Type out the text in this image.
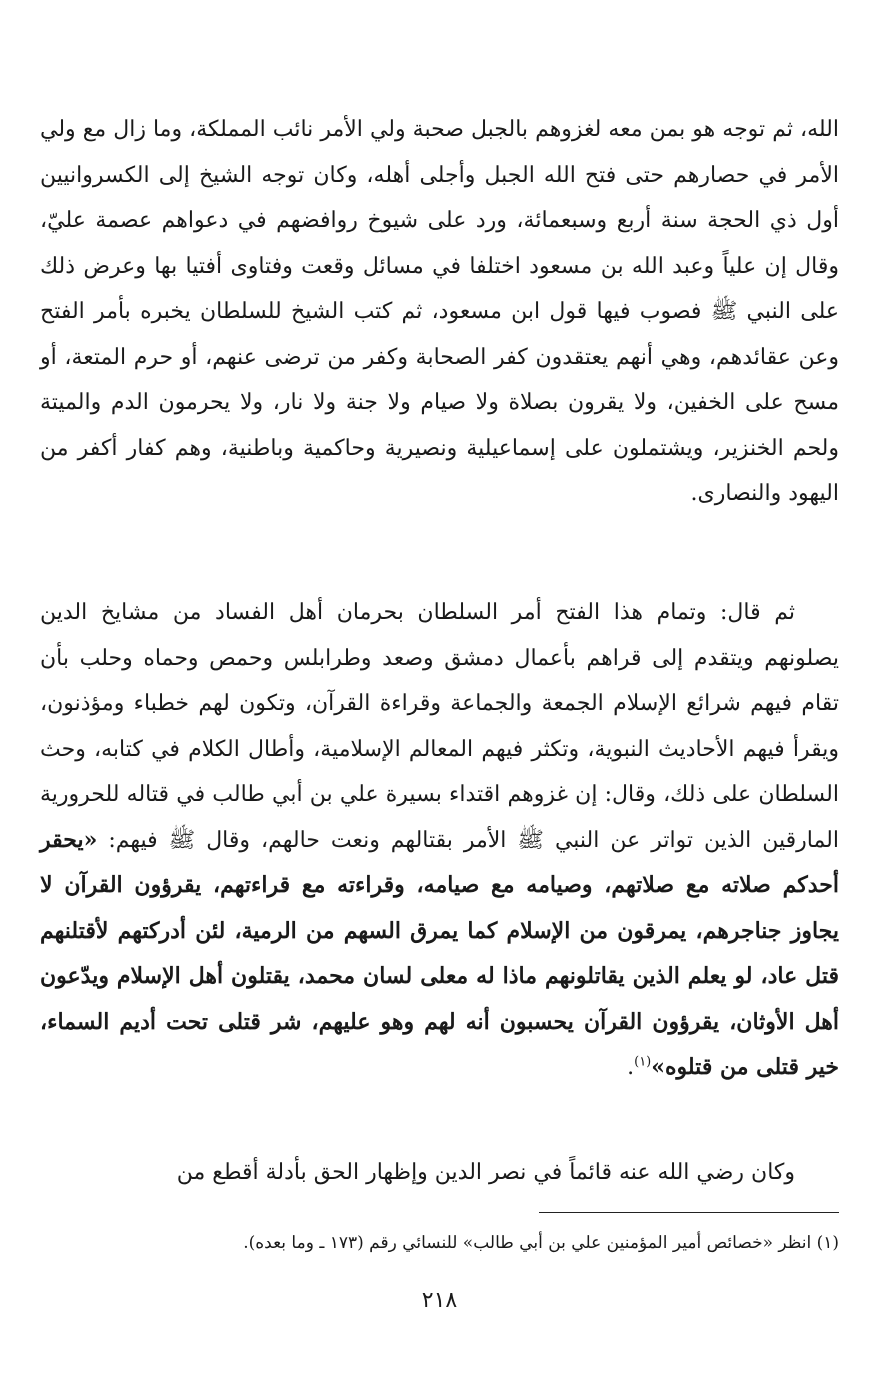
الله، ثم توجه هو بمن معه لغزوهم بالجبل صحبة ولي الأمر نائب المملكة، وما زال مع ولي الأمر في حصارهم حتى فتح الله الجبل وأجلى أهله، وكان توجه الشيخ إلى الكسروانيين أول ذي الحجة سنة أربع وسبعمائة، ورد على شيوخ روافضهم في دعواهم عصمة عليّ، وقال إن علياً وعبد الله بن مسعود اختلفا في مسائل وقعت وفتاوى أفتيا بها وعرض ذلك على النبي ﷺ فصوب فيها قول ابن مسعود، ثم كتب الشيخ للسلطان يخبره بأمر الفتح وعن عقائدهم، وهي أنهم يعتقدون كفر الصحابة وكفر من ترضى عنهم، أو حرم المتعة، أو مسح على الخفين، ولا يقرون بصلاة ولا صيام ولا جنة ولا نار، ولا يحرمون الدم والميتة ولحم الخنزير، ويشتملون على إسماعيلية ونصيرية وحاكمية وباطنية، وهم كفار أكفر من اليهود والنصارى.

ثم قال: وتمام هذا الفتح أمر السلطان بحرمان أهل الفساد من مشايخ الدين يصلونهم ويتقدم إلى قراهم بأعمال دمشق وصعد وطرابلس وحمص وحماه وحلب بأن تقام فيهم شرائع الإسلام الجمعة والجماعة وقراءة القرآن، وتكون لهم خطباء ومؤذنون، ويقرأ فيهم الأحاديث النبوية، وتكثر فيهم المعالم الإسلامية، وأطال الكلام في كتابه، وحث السلطان على ذلك، وقال: إن غزوهم اقتداء بسيرة علي بن أبي طالب في قتاله للحرورية المارقين الذين تواتر عن النبي ﷺ الأمر بقتالهم ونعت حالهم، وقال ﷺ فيهم: «يحقر أحدكم صلاته مع صلاتهم، وصيامه مع صيامه، وقراءته مع قراءتهم، يقرؤون القرآن لا يجاوز جناجرهم، يمرقون من الإسلام كما يمرق السهم من الرمية، لئن أدركتهم لأقتلنهم قتل عاد، لو يعلم الذين يقاتلونهم ماذا له معلى لسان محمد، يقتلون أهل الإسلام ويدّعون أهل الأوثان، يقرؤون القرآن يحسبون أنه لهم وهو عليهم، شر قتلى تحت أديم السماء، خير قتلى من قتلوه»$^{(١)}$.

وكان رضي الله عنه قائماً في نصر الدين وإظهار الحق بأدلة أقطع من

(١) انظر «خصائص أمير المؤمنين علي بن أبي طالب» للنسائي رقم (١٧٣ ـ وما بعده).
٢١٨
